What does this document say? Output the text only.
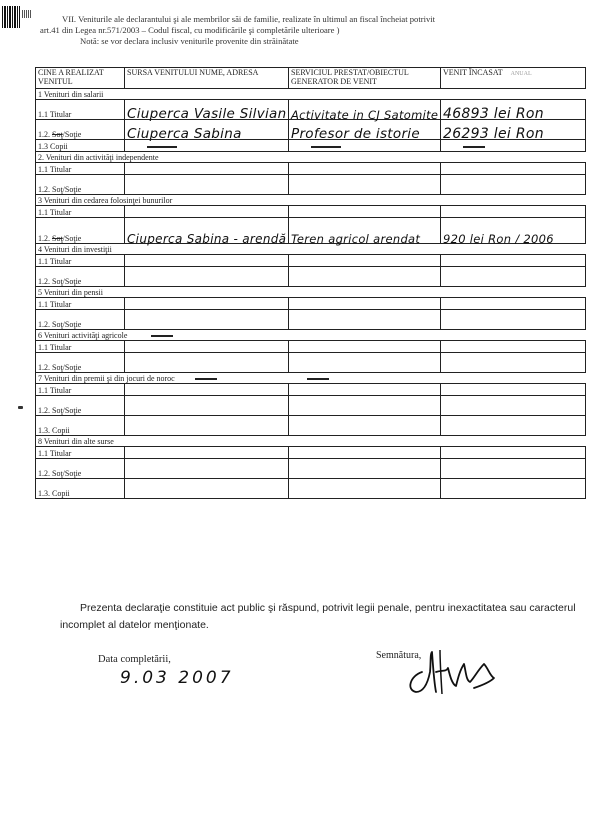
VII. Veniturile ale declarantului şi ale membrilor săi de familie, realizate în ultimul an fiscal încheiat potrivit
art.41 din Legea nr.571/2003 – Codul fiscal, cu modificările şi completările ulterioare )
Notă: se vor declara inclusiv veniturile provenite din străinătate
CINE A REALIZAT VENITUL	SURSA VENITULUI NUME, ADRESA	SERVICIUL PRESTAT/OBIECTUL GENERATOR DE VENIT	VENIT ÎNCASAT ANUAL
1 Venituri din salarii			
1.1 Titular	Ciuperca Vasile Silvian	Activitate in CJ Satomite	46893 lei Ron
1.2. Soţ/Soţie	Ciuperca Sabina	Profesor de istorie	26293 lei Ron
1.3 Copii			
2. Venituri din activităţi independente			
1.1 Titular			
1.2. Soţ/Soţie			
3 Venituri din cedarea folosinţei bunurilor			
1.1 Titular			
1.2. Soţ/Soţie	Ciuperca Sabina - arendă	Teren agricol arendat	920 lei Ron / 2006
4 Venituri din investiţii			
1.1 Titular			
1.2. Soţ/Soţie			
5 Venituri din pensii			
1.1 Titular			
1.2. Soţ/Soţie			
6 Venituri activităţi agricole			
1.1 Titular			
1.2. Soţ/Soţie			
7 Venituri din premii şi din jocuri de noroc			
1.1 Titular			
1.2. Soţ/Soţie			
1.3. Copii			
8 Venituri din alte surse			
1.1 Titular			
1.2. Soţ/Soţie			
1.3. Copii			

Prezenta declaraţie constituie act public şi răspund, potrivit legii penale, pentru inexactitatea sau caracterul incomplet al datelor menţionate.

Data completării,
9.03 2007
Semnătura,
